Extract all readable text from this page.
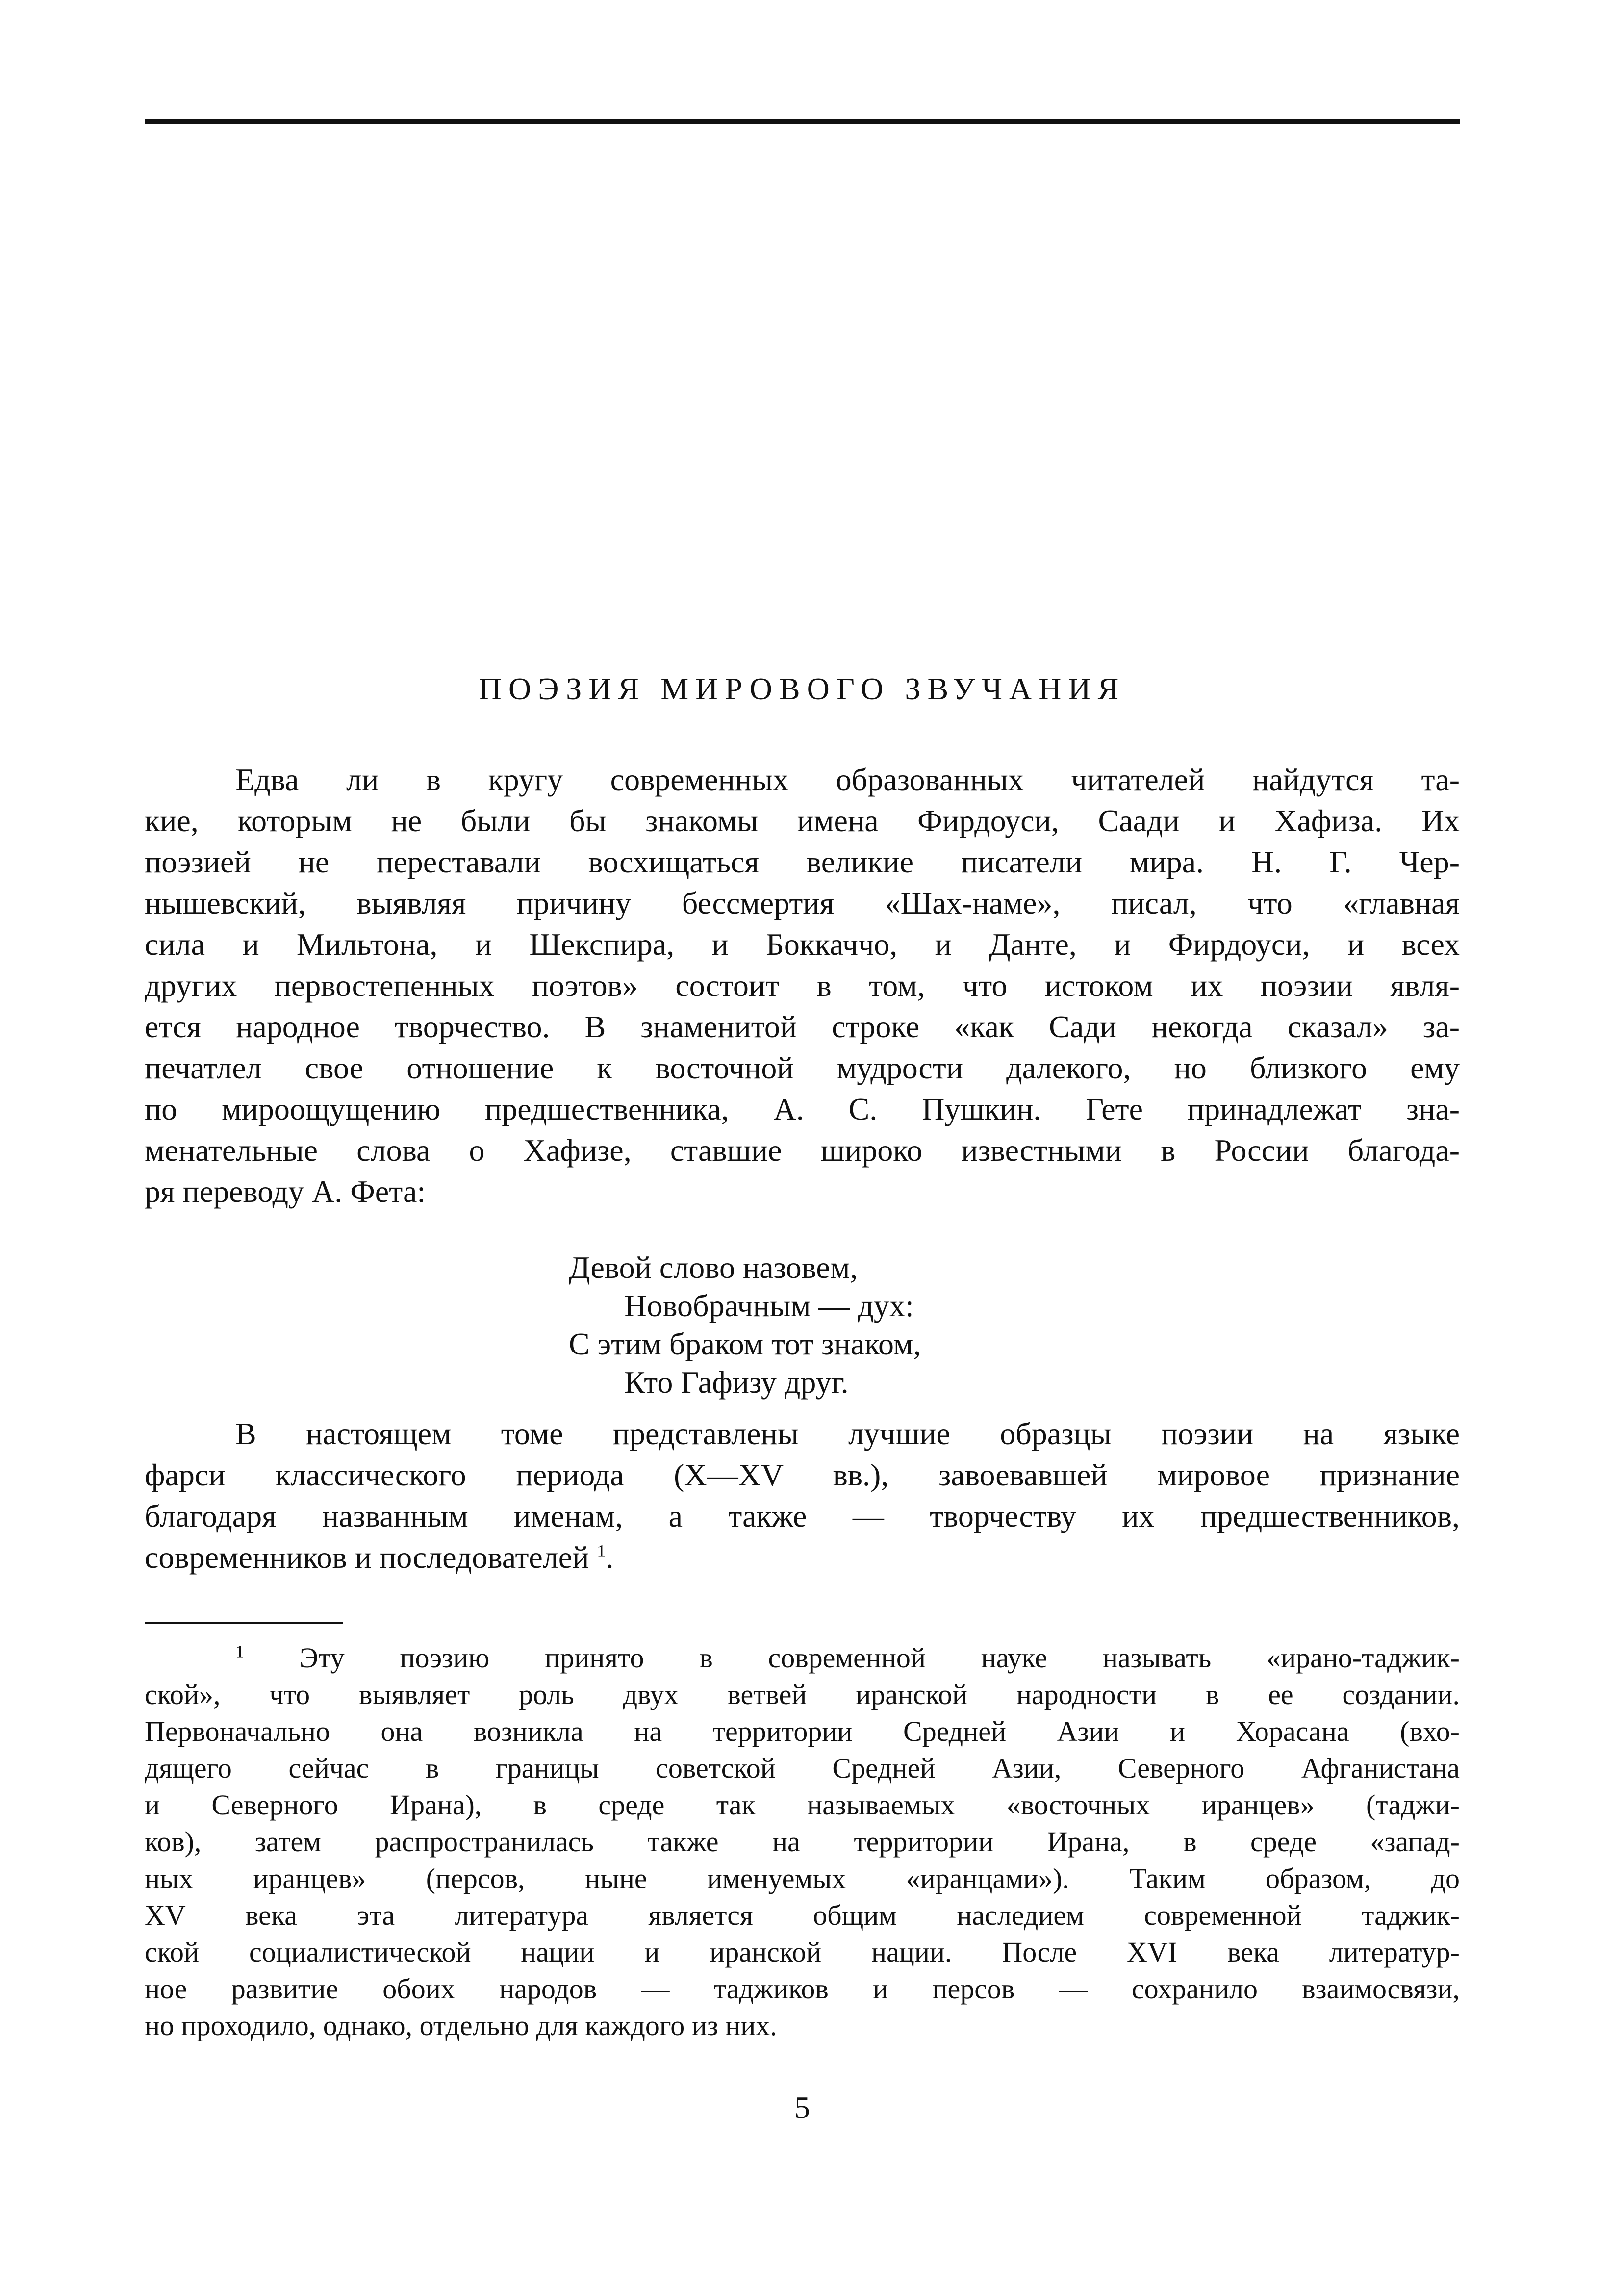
ПОЭЗИЯ МИРОВОГО ЗВУЧАНИЯ
Едва ли в кругу современных образованных читателей найдутся та-
кие, которым не были бы знакомы имена Фирдоуси, Саади и Хафиза. Их
поэзией не переставали восхищаться великие писатели мира. Н. Г. Чер-
нышевский, выявляя причину бессмертия «Шах-наме», писал, что «главная
сила и Мильтона, и Шекспира, и Боккаччо, и Данте, и Фирдоуси, и всех
других первостепенных поэтов» состоит в том, что истоком их поэзии явля-
ется народное творчество. В знаменитой строке «как Сади некогда сказал» за-
печатлел свое отношение к восточной мудрости далекого, но близкого ему
по мироощущению предшественника, А. С. Пушкин. Гете принадлежат зна-
менательные слова о Хафизе, ставшие широко известными в России благода-
ря переводу А. Фета:
Девой слово назовем,
Новобрачным — дух:
С этим браком тот знаком,
Кто Гафизу друг.
В настоящем томе представлены лучшие образцы поэзии на языке
фарси классического периода (X—XV вв.), завоевавшей мировое признание
благодаря названным именам, а также — творчеству их предшественников,
современников и последователей $^1$.
$^1$ Эту поэзию принято в современной науке называть «ирано-таджик-
ской», что выявляет роль двух ветвей иранской народности в ее создании.
Первоначально она возникла на территории Средней Азии и Хорасана (вхо-
дящего сейчас в границы советской Средней Азии, Северного Афганистана
и Северного Ирана), в среде так называемых «восточных иранцев» (таджи-
ков), затем распространилась также на территории Ирана, в среде «запад-
ных иранцев» (персов, ныне именуемых «иранцами»). Таким образом, до
XV века эта литература является общим наследием современной таджик-
ской социалистической нации и иранской нации. После XVI века литератур-
ное развитие обоих народов — таджиков и персов — сохранило взаимосвязи,
но проходило, однако, отдельно для каждого из них.
5
